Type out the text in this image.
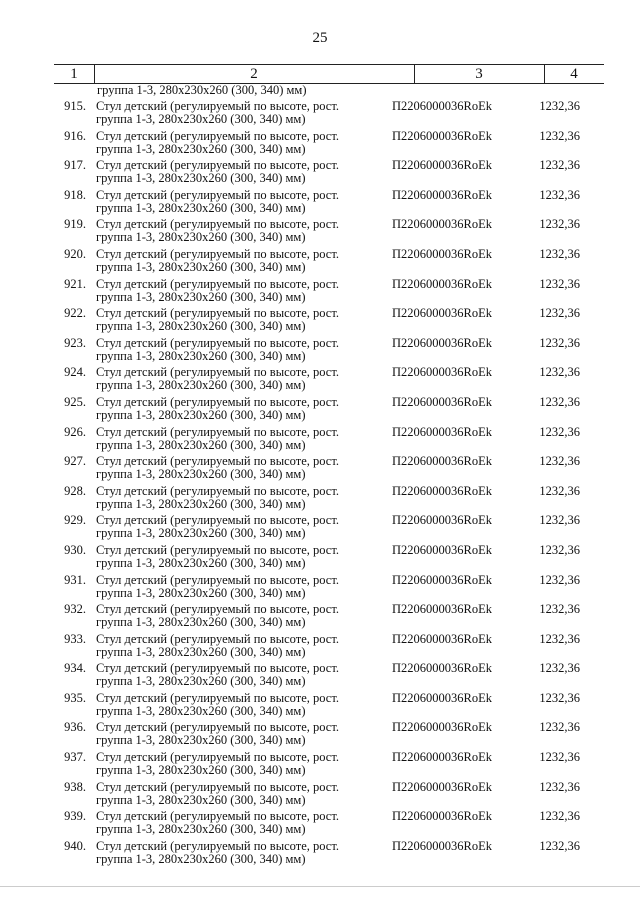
25
1	2	3	4
группа 1-3, 280х230х260 (300, 340) мм)
915. Стул детский (регулируемый по высоте, рост.
группа 1-3, 280х230х260 (300, 340) мм)
П2206000036RoEk	1232,36
916. Стул детский (регулируемый по высоте, рост.
группа 1-3, 280х230х260 (300, 340) мм)
П2206000036RoEk	1232,36
917. Стул детский (регулируемый по высоте, рост.
группа 1-3, 280х230х260 (300, 340) мм)
П2206000036RoEk	1232,36
918. Стул детский (регулируемый по высоте, рост.
группа 1-3, 280х230х260 (300, 340) мм)
П2206000036RoEk	1232,36
919. Стул детский (регулируемый по высоте, рост.
группа 1-3, 280х230х260 (300, 340) мм)
П2206000036RoEk	1232,36
920. Стул детский (регулируемый по высоте, рост.
группа 1-3, 280х230х260 (300, 340) мм)
П2206000036RoEk	1232,36
921. Стул детский (регулируемый по высоте, рост.
группа 1-3, 280х230х260 (300, 340) мм)
П2206000036RoEk	1232,36
922. Стул детский (регулируемый по высоте, рост.
группа 1-3, 280х230х260 (300, 340) мм)
П2206000036RoEk	1232,36
923. Стул детский (регулируемый по высоте, рост.
группа 1-3, 280х230х260 (300, 340) мм)
П2206000036RoEk	1232,36
924. Стул детский (регулируемый по высоте, рост.
группа 1-3, 280х230х260 (300, 340) мм)
П2206000036RoEk	1232,36
925. Стул детский (регулируемый по высоте, рост.
группа 1-3, 280х230х260 (300, 340) мм)
П2206000036RoEk	1232,36
926. Стул детский (регулируемый по высоте, рост.
группа 1-3, 280х230х260 (300, 340) мм)
П2206000036RoEk	1232,36
927. Стул детский (регулируемый по высоте, рост.
группа 1-3, 280х230х260 (300, 340) мм)
П2206000036RoEk	1232,36
928. Стул детский (регулируемый по высоте, рост.
группа 1-3, 280х230х260 (300, 340) мм)
П2206000036RoEk	1232,36
929. Стул детский (регулируемый по высоте, рост.
группа 1-3, 280х230х260 (300, 340) мм)
П2206000036RoEk	1232,36
930. Стул детский (регулируемый по высоте, рост.
группа 1-3, 280х230х260 (300, 340) мм)
П2206000036RoEk	1232,36
931. Стул детский (регулируемый по высоте, рост.
группа 1-3, 280х230х260 (300, 340) мм)
П2206000036RoEk	1232,36
932. Стул детский (регулируемый по высоте, рост.
группа 1-3, 280х230х260 (300, 340) мм)
П2206000036RoEk	1232,36
933. Стул детский (регулируемый по высоте, рост.
группа 1-3, 280х230х260 (300, 340) мм)
П2206000036RoEk	1232,36
934. Стул детский (регулируемый по высоте, рост.
группа 1-3, 280х230х260 (300, 340) мм)
П2206000036RoEk	1232,36
935. Стул детский (регулируемый по высоте, рост.
группа 1-3, 280х230х260 (300, 340) мм)
П2206000036RoEk	1232,36
936. Стул детский (регулируемый по высоте, рост.
группа 1-3, 280х230х260 (300, 340) мм)
П2206000036RoEk	1232,36
937. Стул детский (регулируемый по высоте, рост.
группа 1-3, 280х230х260 (300, 340) мм)
П2206000036RoEk	1232,36
938. Стул детский (регулируемый по высоте, рост.
группа 1-3, 280х230х260 (300, 340) мм)
П2206000036RoEk	1232,36
939. Стул детский (регулируемый по высоте, рост.
группа 1-3, 280х230х260 (300, 340) мм)
П2206000036RoEk	1232,36
940. Стул детский (регулируемый по высоте, рост.
группа 1-3, 280х230х260 (300, 340) мм)
П2206000036RoEk	1232,36
